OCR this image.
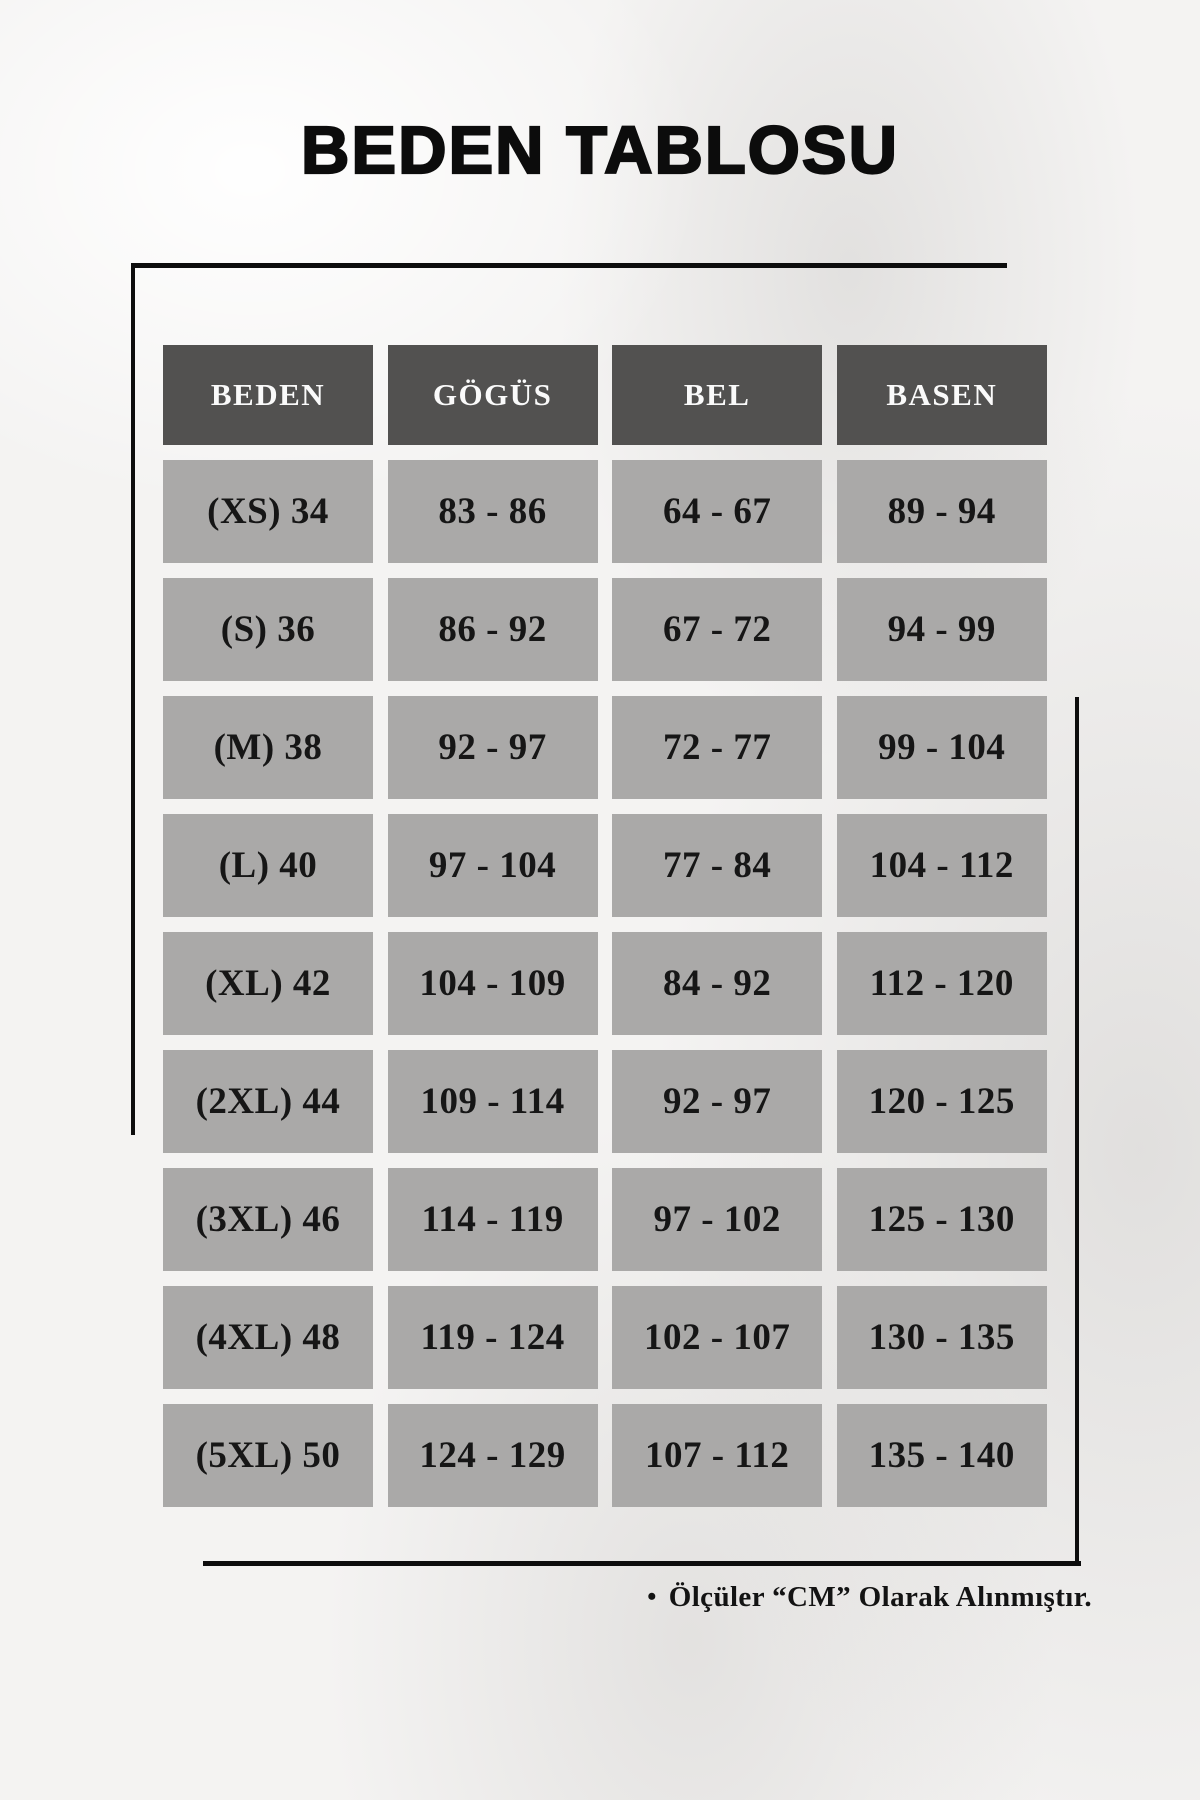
BEDEN TABLOSU
BEDEN	GÖGÜS	BEL	BASEN
(XS) 34	83 - 86	64 - 67	89 - 94
(S) 36	86 - 92	67 - 72	94 - 99
(M) 38	92 - 97	72 - 77	99 - 104
(L) 40	97 - 104	77 - 84	104 - 112
(XL) 42	104 - 109	84 - 92	112 - 120
(2XL) 44	109 - 114	92 - 97	120 - 125
(3XL) 46	114 - 119	97 - 102	125 - 130
(4XL) 48	119 - 124	102 - 107	130 - 135
(5XL) 50	124 - 129	107 - 112	135 - 140
• Ölçüler “CM” Olarak Alınmıştır.
